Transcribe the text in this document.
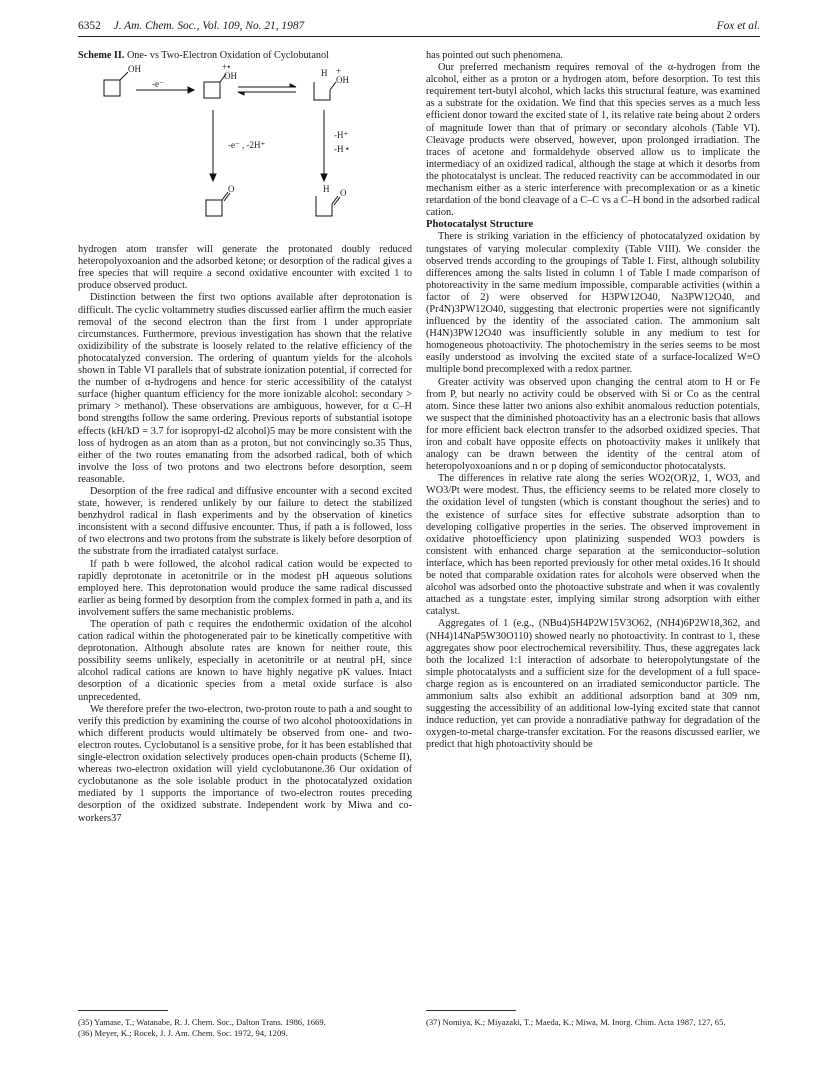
6352 J. Am. Chem. Soc., Vol. 109, No. 21, 1987	Fox et al.

Scheme II. One- vs Two-Electron Oxidation of Cyclobutanol

OH
-e⁻
+•
OH	H +
OH
-e⁻ , -2H⁺
-H⁺
-H •
O	H O

hydrogen atom transfer will generate the protonated doubly reduced heteropolyoxoanion and the adsorbed ketone; or desorption of the radical gives a free species that will require a second oxidative encounter with excited 1 to produce observed product.

Distinction between the first two options available after deprotonation is difficult. The cyclic voltammetry studies discussed earlier affirm the much easier removal of the second electron than the first from 1 under appropriate circumstances. Furthermore, previous investigation has shown that the relative oxidizibility of the substrate is loosely related to the relative efficiency of the photocatalyzed conversion. The ordering of quantum yields for the alcohols shown in Table VI parallels that of substrate ionization potential, if corrected for the number of α-hydrogens and hence for steric accessibility of the catalyst surface (higher quantum efficiency for the more ionizable alcohol: secondary > primary > methanol). These observations are ambiguous, however, for α C–H bond strengths follow the same ordering. Previous reports of substantial isotope effects (kH/kD = 3.7 for isopropyl-d2 alcohol)5 may be more consistent with the loss of hydrogen as an atom than as a proton, but not convincingly so.35 Thus, either of the two routes emanating from the adsorbed radical, both of which involve the loss of two protons and two electrons before desorption, seem reasonable.

Desorption of the free radical and diffusive encounter with a second excited state, however, is rendered unlikely by our failure to detect the stabilized benzhydrol radical in flash experiments and by the observation of kinetics inconsistent with a second diffusive encounter. Thus, if path a is followed, loss of two electrons and two protons from the substrate is likely before desorption of the substrate from the irradiated catalyst surface.

If path b were followed, the alcohol radical cation would be expected to rapidly deprotonate in acetonitrile or in the modest pH aqueous solutions employed here. This deprotonation would produce the same radical discussed earlier as being formed by desorption from the complex formed in path a, and its involvement suffers the same mechanistic problems.

The operation of path c requires the endothermic oxidation of the alcohol cation radical within the photogenerated pair to be kinetically competitive with deprotonation. Although absolute rates are known for neither route, this possibility seems unlikely, especially in acetonitrile or at neutral pH, since alcohol radical cations are known to have highly negative pK values. Intact desorption of a dicationic species from a metal oxide surface is also unprecedented.

We therefore prefer the two-electron, two-proton route to path a and sought to verify this prediction by examining the course of two alcohol photooxidations in which different products would ultimately be observed from one- and two-electron routes. Cyclobutanol is a sensitive probe, for it has been established that single-electron oxidation selectively produces open-chain products (Scheme II), whereas two-electron oxidation will yield cyclobutanone.36 Our oxidation of cyclobutanone as the sole isolable product in the photocatalyzed oxidation mediated by 1 supports the importance of two-electron routes preceding desorption of the oxidized substrate. Independent work by Miwa and co-workers37

has pointed out such phenomena.

Our preferred mechanism requires removal of the α-hydrogen from the alcohol, either as a proton or a hydrogen atom, before desorption. To test this requirement tert-butyl alcohol, which lacks this structural feature, was examined as a substrate for the oxidation. We find that this species serves as a much less efficient donor toward the excited state of 1, its relative rate being about 2 orders of magnitude lower than that of primary or secondary alcohols (Table VI). Cleavage products were observed, however, upon prolonged irradiation. The traces of acetone and formaldehyde observed allow us to implicate the intermediacy of an oxidized radical, although the stage at which it desorbs from the photocatalyst is unclear. The reduced reactivity can be accommodated in our mechanism either as a steric interference with precomplexation or as a kinetic retardation of the bond cleavage of a C–C vs a C–H bond in the adsorbed radical cation.

Photocatalyst Structure

There is striking variation in the efficiency of photocatalyzed oxidation by tungstates of varying molecular complexity (Table VIII). We consider the observed trends according to the groupings of Table I. First, although solubility differences among the salts listed in column 1 of Table I made comparison of photoreactivity in the same medium impossible, comparable activities (within a factor of 2) were observed for H3PW12O40, Na3PW12O40, and (Pr4N)3PW12O40, suggesting that electronic properties were not significantly influenced by the identity of the associated cation. The ammonium salt (H4N)3PW12O40 was insufficiently soluble in any medium to test for homogeneous photoactivity. The photochemistry in the series seems to be most easily understood as involving the excited state of a surface-localized W≡O multiple bond precomplexed with a redox partner.

Greater activity was observed upon changing the central atom to H or Fe from P, but nearly no activity could be observed with Si or Co as the central atom. Since these latter two anions also exhibit anomalous reduction potentials, we suspect that the diminished photoactivity has an a electronic basis that allows for more efficient back electron transfer to the adsorbed oxidized species. That iron and cobalt have opposite effects on photoactivity makes it unlikely that analogy can be drawn between the identity of the central atom of heteropolyoxoanions and n or p doping of semiconductor photocatalysts.

The differences in relative rate along the series WO2(OR)2, 1, WO3, and WO3/Pt were modest. Thus, the efficiency seems to be related more closely to the oxidation level of tungsten (which is constant thoughout the series) and to the existence of surface sites for effective substrate adsorption than to developing colligative properties in the series. The observed improvement in oxidative photoefficiency upon platinizing suspended WO3 powders is consistent with enhanced charge separation at the semiconductor–solution interface, which has been reported previously for other metal oxides.16 It should be noted that comparable oxidation rates for alcohols were observed when the alcohol was adsorbed onto the photoactive substrate and when it was covalently attached as a tungstate ester, implying similar strong adsorption with either catalyst.

Aggregates of 1 (e.g., (NBu4)5H4P2W15V3O62, (NH4)6P2W18,362, and (NH4)14NaP5W30O110) showed nearly no photoactivity. In contrast to 1, these aggregates show poor electrochemical reversibility. Thus, these aggregates lack both the localized 1:1 interaction of adsorbate to heteropolytungstate of the simple photocatalysts and a sufficient size for the development of a full space-charge region as is encountered on an irradiated semiconductor particle. The ammonium salts also exhibit an additional adsorption band at 309 nm, suggesting the accessibility of an additional low-lying excited state that cannot induce reduction, yet can provide a nonradiative pathway for degradation of the oxygen-to-metal charge-transfer excitation. For the reasons discussed earlier, we predict that high photoactivity should be

(35) Yamase, T.; Watanabe, R. J. Chem. Soc., Dalton Trans. 1986, 1669.
(36) Meyer, K.; Rocek, J. J. Am. Chem. Soc. 1972, 94, 1209.
(37) Nomiya, K.; Miyazaki, T.; Maeda, K.; Miwa, M. Inorg. Chim. Acta 1987, 127, 65.
